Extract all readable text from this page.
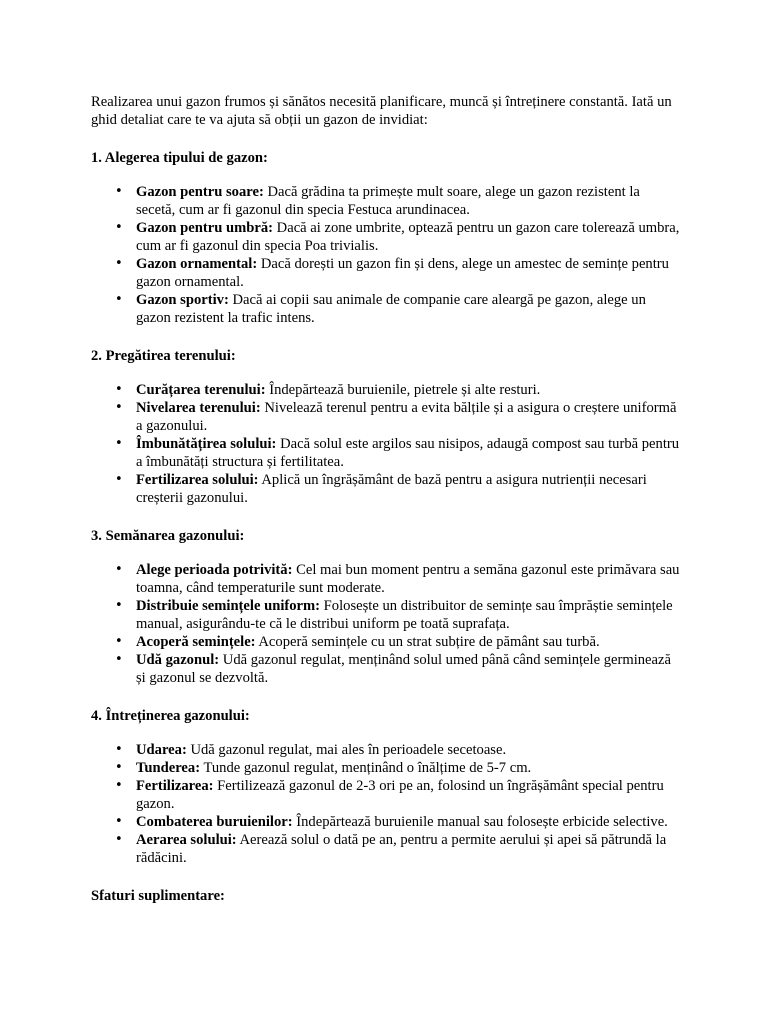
Realizarea unui gazon frumos și sănătos necesită planificare, muncă și întreținere constantă. Iată un ghid detaliat care te va ajuta să obții un gazon de invidiat:

1. Alegerea tipului de gazon:

• Gazon pentru soare: Dacă grădina ta primește mult soare, alege un gazon rezistent la secetă, cum ar fi gazonul din specia Festuca arundinacea.
• Gazon pentru umbră: Dacă ai zone umbrite, optează pentru un gazon care tolerează umbra, cum ar fi gazonul din specia Poa trivialis.
• Gazon ornamental: Dacă dorești un gazon fin și dens, alege un amestec de semințe pentru gazon ornamental.
• Gazon sportiv: Dacă ai copii sau animale de companie care aleargă pe gazon, alege un gazon rezistent la trafic intens.

2. Pregătirea terenului:

• Curățarea terenului: Îndepărtează buruienile, pietrele și alte resturi.
• Nivelarea terenului: Nivelează terenul pentru a evita bălțile și a asigura o creștere uniformă a gazonului.
• Îmbunătățirea solului: Dacă solul este argilos sau nisipos, adaugă compost sau turbă pentru a îmbunătăți structura și fertilitatea.
• Fertilizarea solului: Aplică un îngrășământ de bază pentru a asigura nutrienții necesari creșterii gazonului.

3. Semănarea gazonului:

• Alege perioada potrivită: Cel mai bun moment pentru a semăna gazonul este primăvara sau toamna, când temperaturile sunt moderate.
• Distribuie semințele uniform: Folosește un distribuitor de semințe sau împrăștie semințele manual, asigurându-te că le distribui uniform pe toată suprafața.
• Acoperă semințele: Acoperă semințele cu un strat subțire de pământ sau turbă.
• Udă gazonul: Udă gazonul regulat, menținând solul umed până când semințele germinează și gazonul se dezvoltă.

4. Întreținerea gazonului:

• Udarea: Udă gazonul regulat, mai ales în perioadele secetoase.
• Tunderea: Tunde gazonul regulat, menținând o înălțime de 5-7 cm.
• Fertilizarea: Fertilizează gazonul de 2-3 ori pe an, folosind un îngrășământ special pentru gazon.
• Combaterea buruienilor: Îndepărtează buruienile manual sau folosește erbicide selective.
• Aerarea solului: Aerează solul o dată pe an, pentru a permite aerului și apei să pătrundă la rădăcini.

Sfaturi suplimentare:
